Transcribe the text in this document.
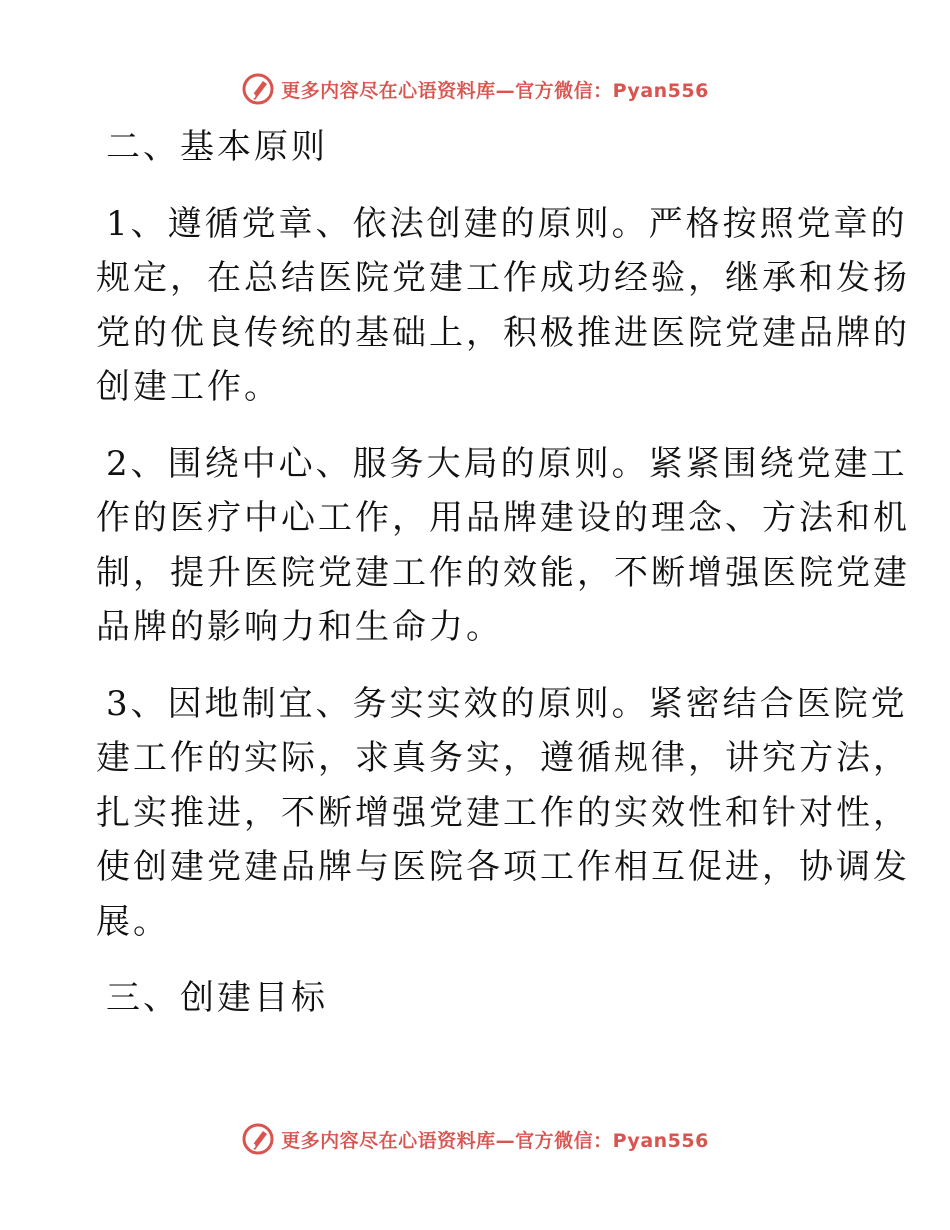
更多内容尽在心语资料库—官方微信：Pyan556
二、基本原则
1、遵循党章、依法创建的原则。严格按照党章的
规定，在总结医院党建工作成功经验，继承和发扬
党的优良传统的基础上，积极推进医院党建品牌的
创建工作。
2、围绕中心、服务大局的原则。紧紧围绕党建工
作的医疗中心工作，用品牌建设的理念、方法和机
制，提升医院党建工作的效能，不断增强医院党建
品牌的影响力和生命力。
3、因地制宜、务实实效的原则。紧密结合医院党
建工作的实际，求真务实，遵循规律，讲究方法，
扎实推进，不断增强党建工作的实效性和针对性，
使创建党建品牌与医院各项工作相互促进，协调发
展。
三、创建目标
更多内容尽在心语资料库—官方微信：Pyan556
